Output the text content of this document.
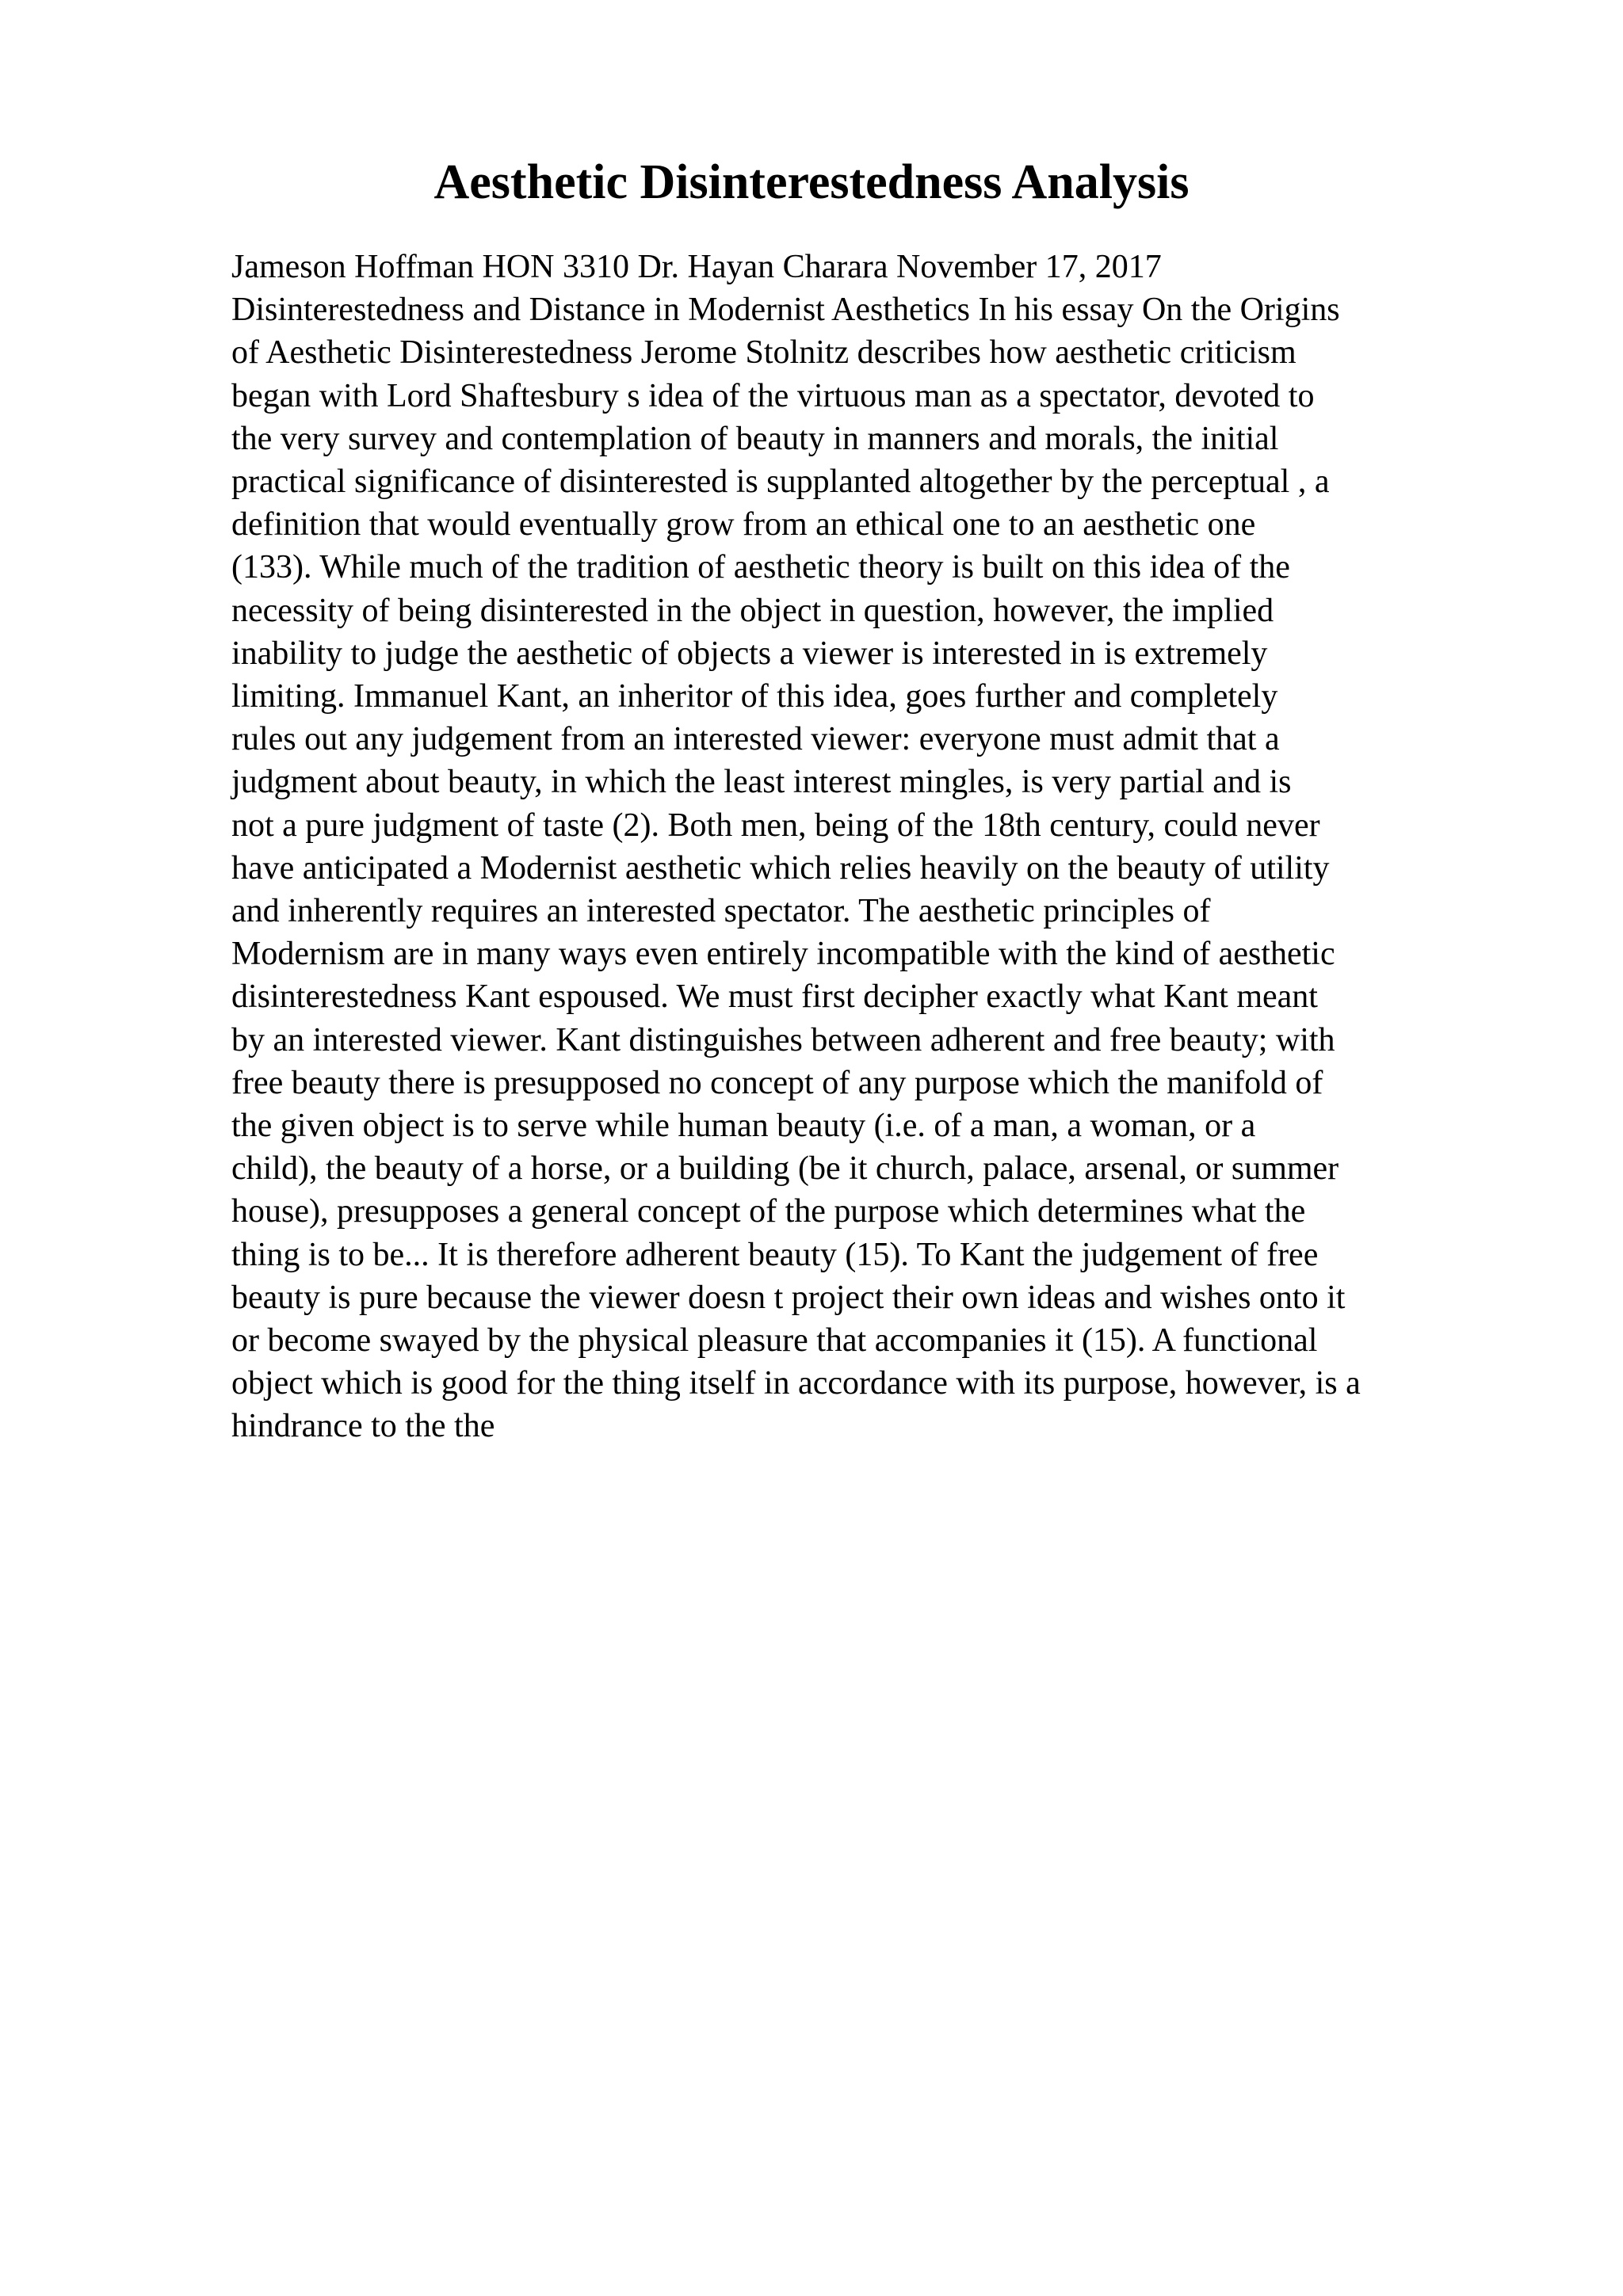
Aesthetic Disinterestedness Analysis
Jameson Hoffman HON 3310 Dr. Hayan Charara November 17, 2017
Disinterestedness and Distance in Modernist Aesthetics In his essay On the Origins
of Aesthetic Disinterestedness Jerome Stolnitz describes how aesthetic criticism
began with Lord Shaftesbury s idea of the virtuous man as a spectator, devoted to
the very survey and contemplation of beauty in manners and morals, the initial
practical significance of disinterested is supplanted altogether by the perceptual , a
definition that would eventually grow from an ethical one to an aesthetic one
(133). While much of the tradition of aesthetic theory is built on this idea of the
necessity of being disinterested in the object in question, however, the implied
inability to judge the aesthetic of objects a viewer is interested in is extremely
limiting. Immanuel Kant, an inheritor of this idea, goes further and completely
rules out any judgement from an interested viewer: everyone must admit that a
judgment about beauty, in which the least interest mingles, is very partial and is
not a pure judgment of taste (2). Both men, being of the 18th century, could never
have anticipated a Modernist aesthetic which relies heavily on the beauty of utility
and inherently requires an interested spectator. The aesthetic principles of
Modernism are in many ways even entirely incompatible with the kind of aesthetic
disinterestedness Kant espoused. We must first decipher exactly what Kant meant
by an interested viewer. Kant distinguishes between adherent and free beauty; with
free beauty there is presupposed no concept of any purpose which the manifold of
the given object is to serve while human beauty (i.e. of a man, a woman, or a
child), the beauty of a horse, or a building (be it church, palace, arsenal, or summer
house), presupposes a general concept of the purpose which determines what the
thing is to be... It is therefore adherent beauty (15). To Kant the judgement of free
beauty is pure because the viewer doesn t project their own ideas and wishes onto it
or become swayed by the physical pleasure that accompanies it (15). A functional
object which is good for the thing itself in accordance with its purpose, however, is a
hindrance to the the
